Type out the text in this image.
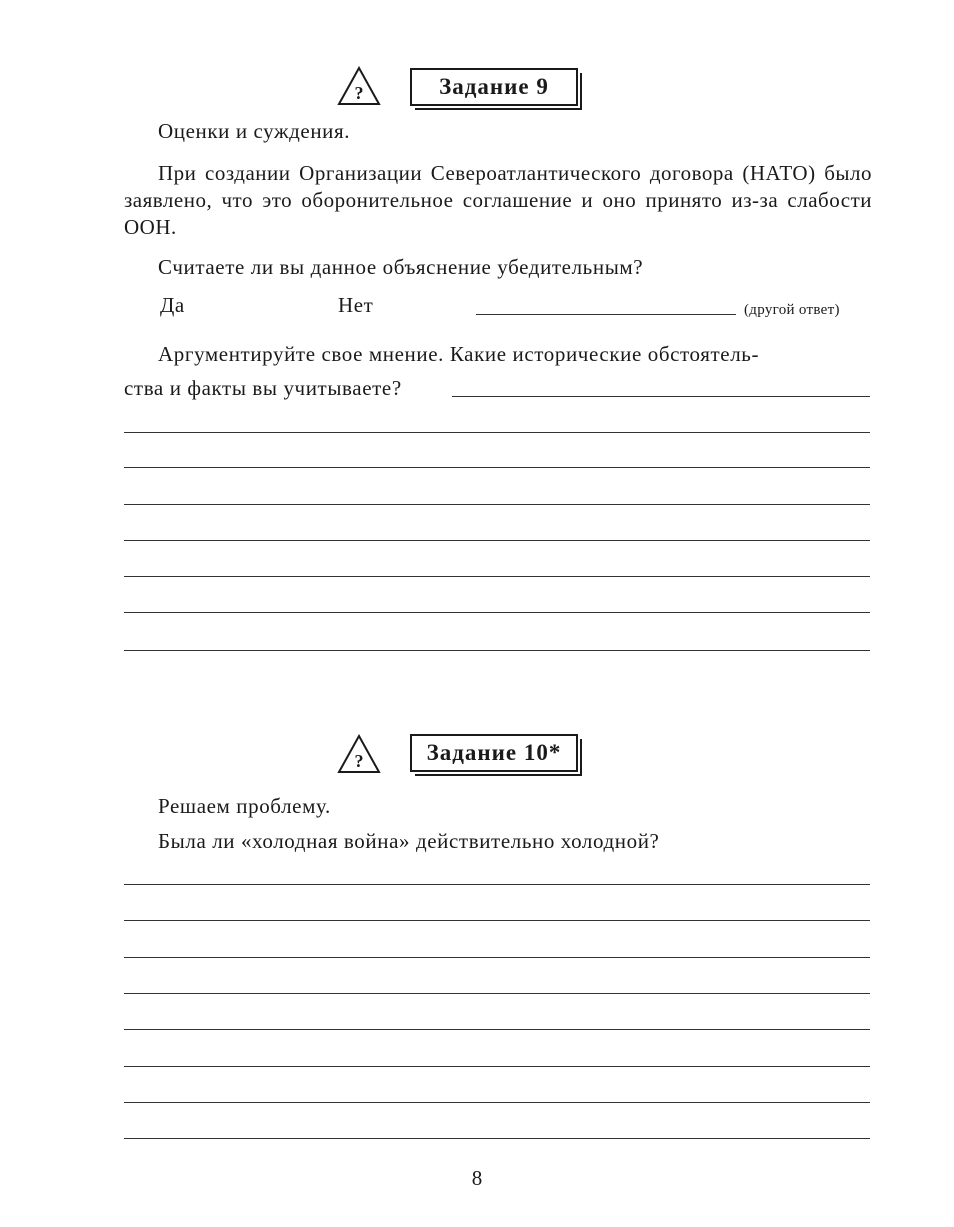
?	Задание 9
Оценки и суждения.
При создании Организации Североатлантического договора (НАТО) было заявлено, что это оборонительное соглашение и оно принято из-за слабости ООН.
Считаете ли вы данное объяснение убедительным?
Да	Нет	(другой ответ)
Аргументируйте свое мнение. Какие исторические обстоятель-
ства и факты вы учитываете?
?	Задание 10*
Решаем проблему.
Была ли «холодная война» действительно холодной?
8
